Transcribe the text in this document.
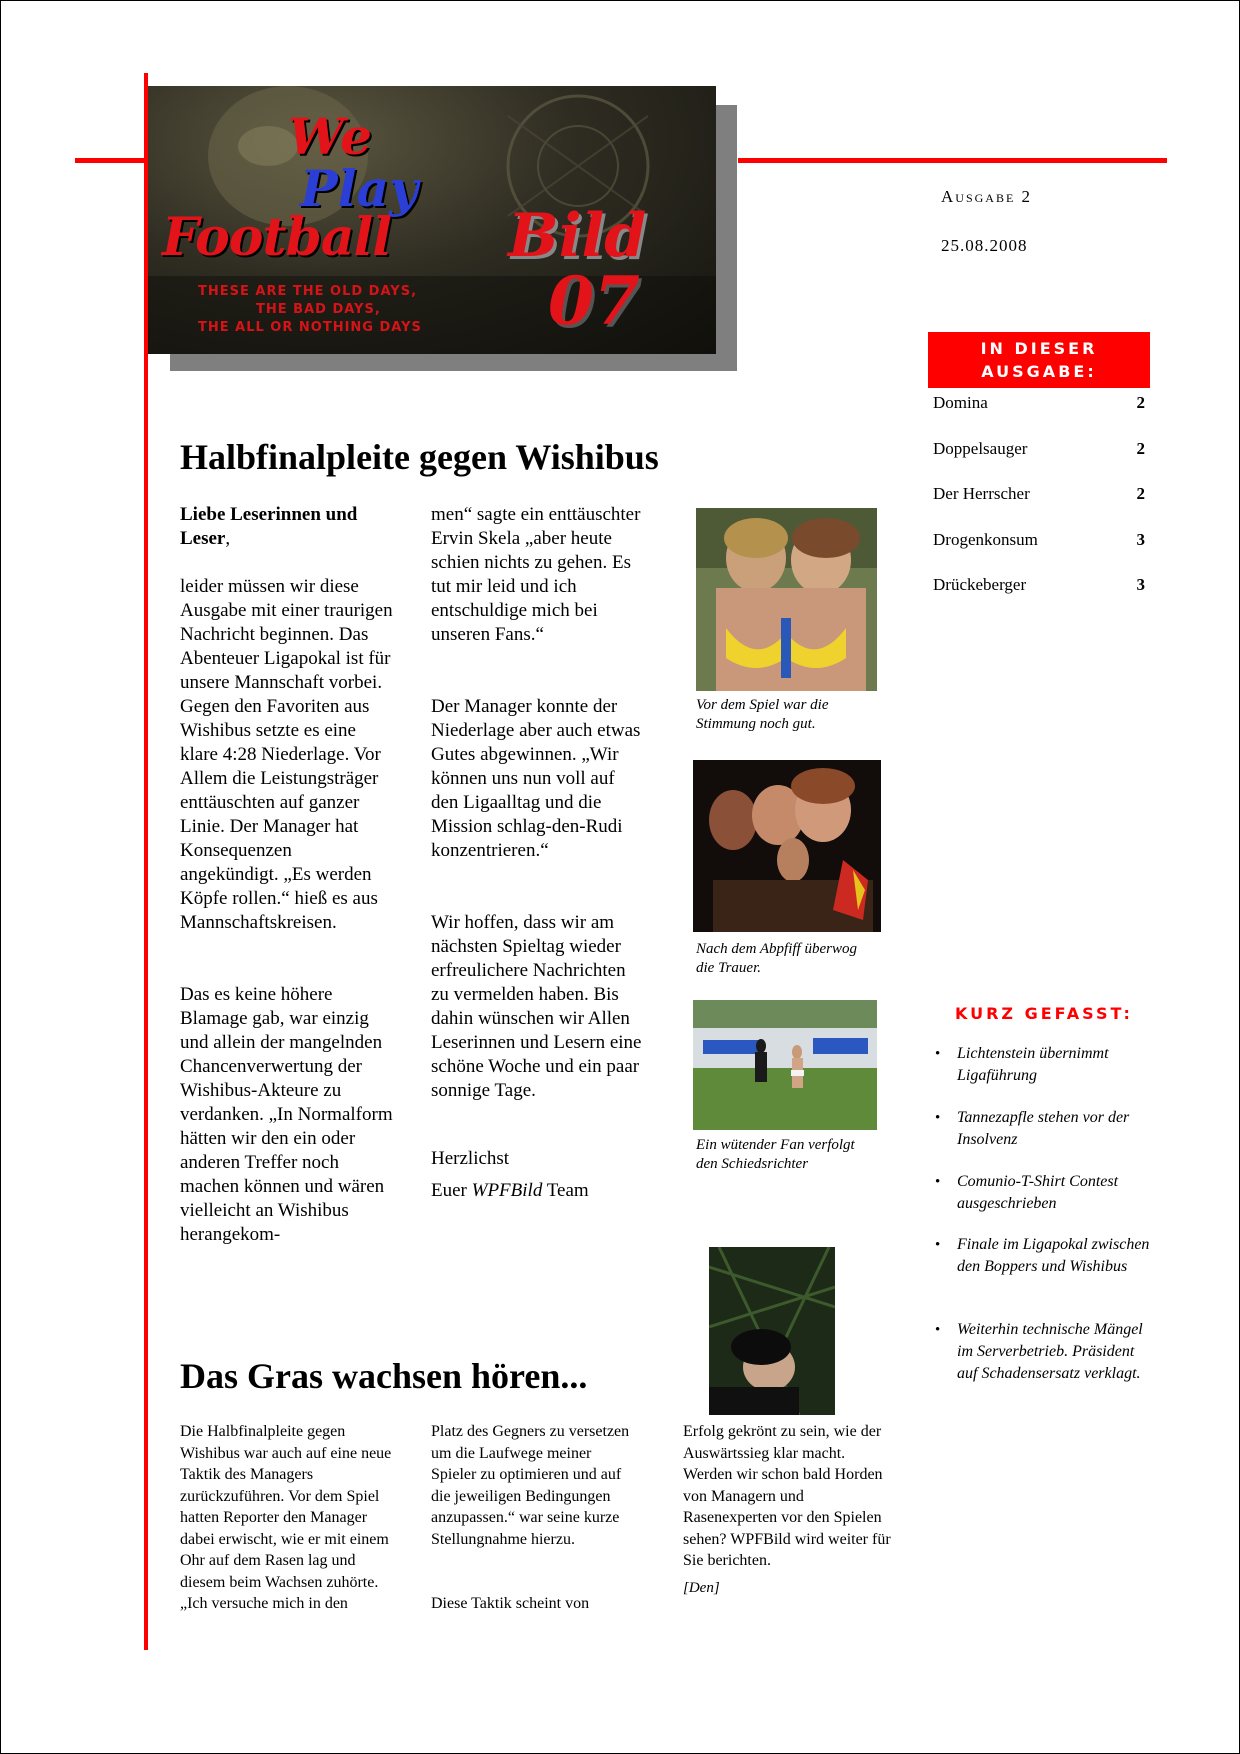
We
Play
Football Bild
07
THESE ARE THE OLD DAYS,
THE BAD DAYS,
THE ALL OR NOTHING DAYS
Ausgabe 2
25.08.2008
IN DIESER
AUSGABE:
Domina	2
Doppelsauger	2
Der Herrscher	2
Drogenkonsum	3
Drückeberger	3
Halbfinalpleite gegen Wishibus

Liebe Leserinnen und Leser,

leider müssen wir diese Ausgabe mit einer traurigen Nachricht beginnen. Das Abenteuer Ligapokal ist für unsere Mannschaft vorbei. Gegen den Favoriten aus Wishibus setzte es eine klare 4:28 Niederlage. Vor Allem die Leistungsträger enttäuschten auf ganzer Linie. Der Manager hat Konsequenzen angekündigt. „Es werden Köpfe rollen.“ hieß es aus Mannschaftskreisen.

Das es keine höhere Blamage gab, war einzig und allein der mangelnden Chancenverwertung der Wishibus-Akteure zu verdanken. „In Normalform hätten wir den ein oder anderen Treffer noch machen können und wären vielleicht an Wishibus herangekom-

men“ sagte ein enttäuschter Ervin Skela „aber heute schien nichts zu gehen. Es tut mir leid und ich entschuldige mich bei unseren Fans.“

Der Manager konnte der Niederlage aber auch etwas Gutes abgewinnen. „Wir können uns nun voll auf den Ligaalltag und die Mission schlag-den-Rudi konzentrieren.“

Wir hoffen, dass wir am nächsten Spieltag wieder erfreulichere Nachrichten zu vermelden haben. Bis dahin wünschen wir Allen Leserinnen und Lesern eine schöne Woche und ein paar sonnige Tage.

Herzlichst

Euer WPFBild Team

Vor dem Spiel war die Stimmung noch gut.
Nach dem Abpfiff überwog die Trauer.
Ein wütender Fan verfolgt den Schiedsrichter
KURZ GEFASST:
• Lichtenstein übernimmt Ligaführung
• Tannezapfle stehen vor der Insolvenz
• Comunio-T-Shirt Contest ausgeschrieben
• Finale im Ligapokal zwischen den Boppers und Wishibus
• Weiterhin technische Mängel im Serverbetrieb. Präsident auf Schadensersatz verklagt.
Das Gras wachsen hören...

Die Halbfinalpleite gegen Wishibus war auch auf eine neue Taktik des Managers zurückzuführen. Vor dem Spiel hatten Reporter den Manager dabei erwischt, wie er mit einem Ohr auf dem Rasen lag und diesem beim Wachsen zuhörte. „Ich versuche mich in den

Platz des Gegners zu versetzen um die Laufwege meiner Spieler zu optimieren und auf die jeweiligen Bedingungen anzupassen.“ war seine kurze Stellungnahme hierzu.

Diese Taktik scheint von

Erfolg gekrönt zu sein, wie der Auswärtssieg klar macht. Werden wir schon bald Horden von Managern und Rasenexperten vor den Spielen sehen? WPFBild wird weiter für Sie berichten.

[Den]
